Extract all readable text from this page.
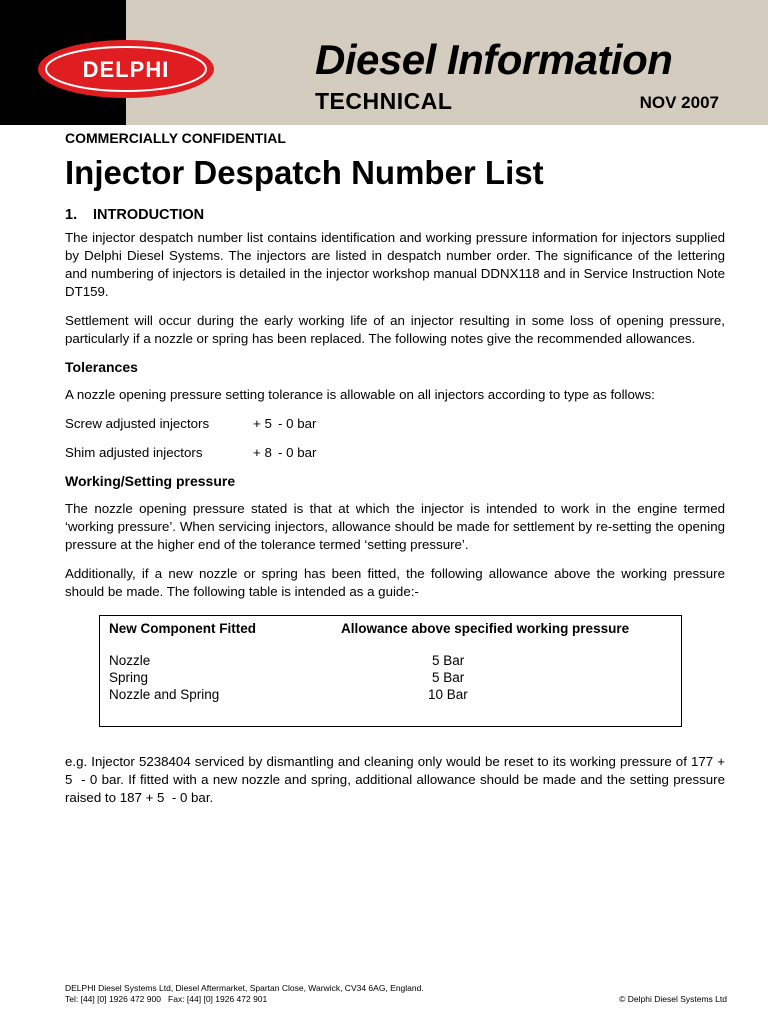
DELPHI	Diesel Information
TECHNICAL	NOV 2007
COMMERCIALLY CONFIDENTIAL
Injector Despatch Number List
1. INTRODUCTION

The injector despatch number list contains identification and working pressure information for injectors supplied by Delphi Diesel Systems. The injectors are listed in despatch number order. The significance of the lettering and numbering of injectors is detailed in the injector workshop manual DDNX118 and in Service Instruction Note DT159.

Settlement will occur during the early working life of an injector resulting in some loss of opening pressure, particularly if a nozzle or spring has been replaced. The following notes give the recommended allowances.

Tolerances

A nozzle opening pressure setting tolerance is allowable on all injectors according to type as follows:

Screw adjusted injectors	+ 5 - 0 bar
Shim adjusted injectors	+ 8 - 0 bar
Working/Setting pressure

The nozzle opening pressure stated is that at which the injector is intended to work in the engine termed ‘working pressure’. When servicing injectors, allowance should be made for settlement by re-setting the opening pressure at the higher end of the tolerance termed ‘setting pressure’.

Additionally, if a new nozzle or spring has been fitted, the following allowance above the working pressure should be made. The following table is intended as a guide:-

New Component Fitted	Allowance above specified working pressure
Nozzle	5 Bar
Spring	5 Bar
Nozzle and Spring	10 Bar

e.g. Injector 5238404 serviced by dismantling and cleaning only would be reset to its working pressure of 177 + 5  - 0 bar. If fitted with a new nozzle and spring, additional allowance should be made and the setting pressure raised to 187 + 5  - 0 bar.

DELPHI Diesel Systems Ltd, Diesel Aftermarket, Spartan Close, Warwick, CV34 6AG, England.
Tel: [44] [0] 1926 472 900   Fax: [44] [0] 1926 472 901	© Delphi Diesel Systems Ltd
